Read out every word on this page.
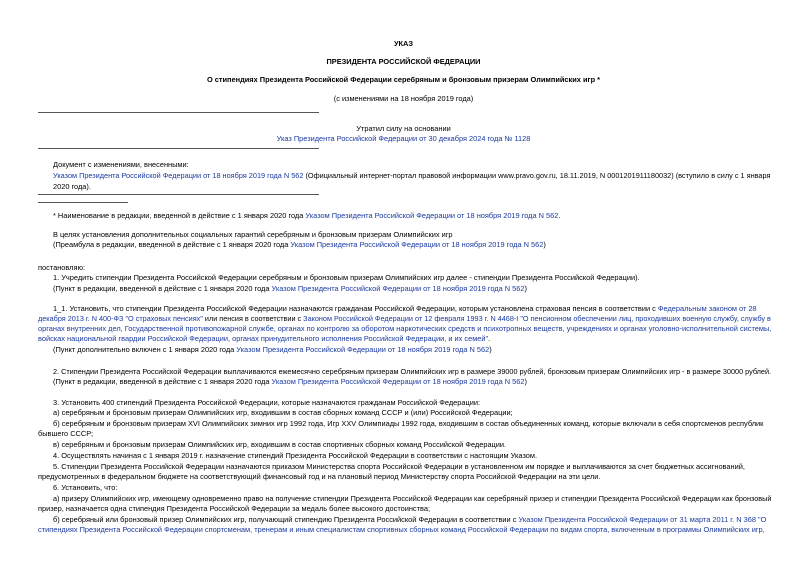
УКАЗ
ПРЕЗИДЕНТА РОССИЙСКОЙ ФЕДЕРАЦИИ
О стипендиях Президента Российской Федерации серебряным и бронзовым призерам Олимпийских игр *
(с изменениями на 18 ноября 2019 года)
Утратил силу на основании
Указ Президента Российской Федерации от 30 декабря 2024 года № 1128
Документ с изменениями, внесенными:
Указом Президента Российской Федерации от 18 ноября 2019 года N 562 (Официальный интернет-портал правовой информации www.pravo.gov.ru, 18.11.2019, N 0001201911180032) (вступило в силу с 1 января
2020 года).
* Наименование в редакции, введенной в действие с 1 января 2020 года Указом Президента Российской Федерации от 18 ноября 2019 года N 562.
В целях установления дополнительных социальных гарантий серебряным и бронзовым призерам Олимпийских игр
(Преамбула в редакции, введенной в действие с 1 января 2020 года Указом Президента Российской Федерации от 18 ноября 2019 года N 562)
постановляю:
1. Учредить стипендии Президента Российской Федерации серебряным и бронзовым призерам Олимпийских игр далее - стипендии Президента Российской Федерации).
(Пункт в редакции, введенной в действие с 1 января 2020 года Указом Президента Российской Федерации от 18 ноября 2019 года N 562)
1_1. Установить, что стипендии Президента Российской Федерации назначаются гражданам Российской Федерации, которым установлена страховая пенсия в соответствии с Федеральным законом от 28
декабря 2013 г. N 400-ФЗ "О страховых пенсиях" или пенсия в соответствии с Законом Российской Федерации от 12 февраля 1993 г. N 4468-I "О пенсионном обеспечении лиц, проходивших военную службу, службу в
органах внутренних дел, Государственной противопожарной службе, органах по контролю за оборотом наркотических средств и психотропных веществ, учреждениях и органах уголовно-исполнительной системы,
войсках национальной гвардии Российской Федерации, органах принудительного исполнения Российской Федерации, и их семей".
(Пункт дополнительно включен с 1 января 2020 года Указом Президента Российской Федерации от 18 ноября 2019 года N 562)
2. Стипендии Президента Российской Федерации выплачиваются ежемесячно серебряным призерам Олимпийских игр в размере 39000 рублей, бронзовым призерам Олимпийских игр - в размере 30000 рублей.
(Пункт в редакции, введенной в действие с 1 января 2020 года Указом Президента Российской Федерации от 18 ноября 2019 года N 562)
3. Установить 400 стипендий Президента Российской Федерации, которые назначаются гражданам Российской Федерации:
а) серебряным и бронзовым призерам Олимпийских игр, входившим в состав сборных команд СССР и (или) Российской Федерации;
б) серебряным и бронзовым призерам XVI Олимпийских зимних игр 1992 года, Игр XXV Олимпиады 1992 года, входившим в состав объединенных команд, которые включали в себя спортсменов республик
бывшего СССР;
в) серебряным и бронзовым призерам Олимпийских игр, входившим в состав спортивных сборных команд Российской Федерации.
4. Осуществлять начиная с 1 января 2019 г. назначение стипендий Президента Российской Федерации в соответствии с настоящим Указом.
5. Стипендии Президента Российской Федерации назначаются приказом Министерства спорта Российской Федерации в установленном им порядке и выплачиваются за счет бюджетных ассигнований,
предусмотренных в федеральном бюджете на соответствующий финансовый год и на плановый период Министерству спорта Российской Федерации на эти цели.
6. Установить, что:
а) призеру Олимпийских игр, имеющему одновременно право на получение стипендии Президента Российской Федерации как серебряный призер и стипендии Президента Российской Федерации как бронзовый
призер, назначается одна стипендия Президента Российской Федерации за медаль более высокого достоинства;
б) серебряный или бронзовый призер Олимпийских игр, получающий стипендию Президента Российской Федерации в соответствии с Указом Президента Российской Федерации от 31 марта 2011 г. N 368 "О
стипендиях Президента Российской Федерации спортсменам, тренерам и иным специалистам спортивных сборных команд Российской Федерации по видам спорта, включенным в программы Олимпийских игр,
